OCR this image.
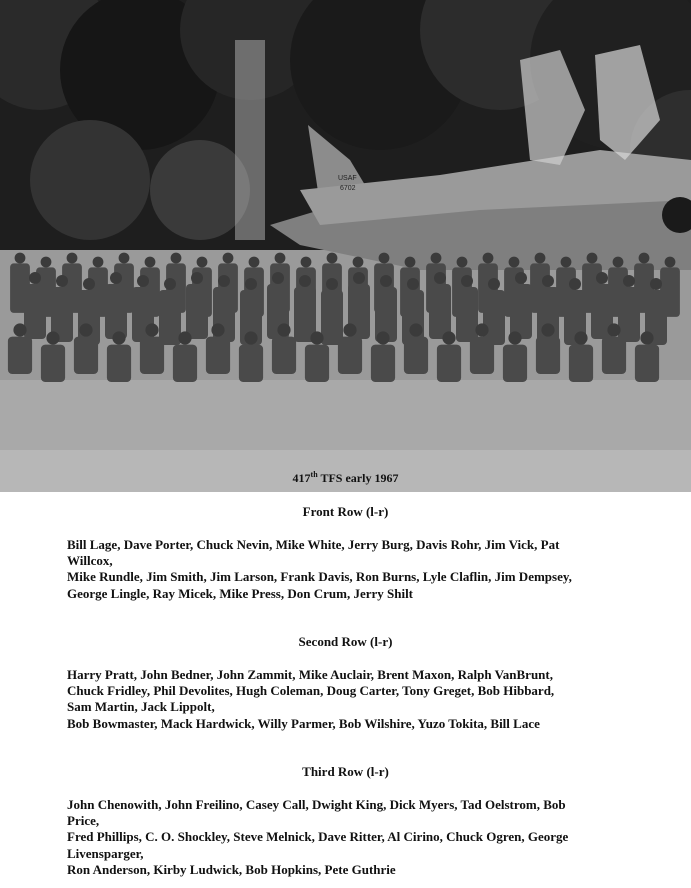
USAF
6702
417th TFS early 1967
Front Row (l-r)
Bill Lage, Dave Porter, Chuck Nevin, Mike White, Jerry Burg, Davis Rohr, Jim Vick, Pat Willcox,
Mike Rundle, Jim Smith, Jim Larson, Frank Davis, Ron Burns, Lyle Claflin, Jim Dempsey,
George Lingle, Ray Micek, Mike Press, Don Crum, Jerry Shilt
Second Row (l-r)
Harry Pratt, John Bedner, John Zammit, Mike Auclair, Brent Maxon, Ralph VanBrunt, Chuck Fridley, Phil Devolites, Hugh Coleman, Doug Carter, Tony Greget, Bob Hibbard, Sam Martin, Jack Lippolt,
Bob Bowmaster, Mack Hardwick, Willy Parmer, Bob Wilshire, Yuzo Tokita, Bill Lace
Third Row (l-r)
John Chenowith, John Freilino, Casey Call, Dwight King, Dick Myers, Tad Oelstrom, Bob Price,
Fred Phillips, C. O. Shockley, Steve Melnick, Dave Ritter, Al Cirino, Chuck Ogren, George Livensparger,
Ron Anderson, Kirby Ludwick, Bob Hopkins, Pete Guthrie
